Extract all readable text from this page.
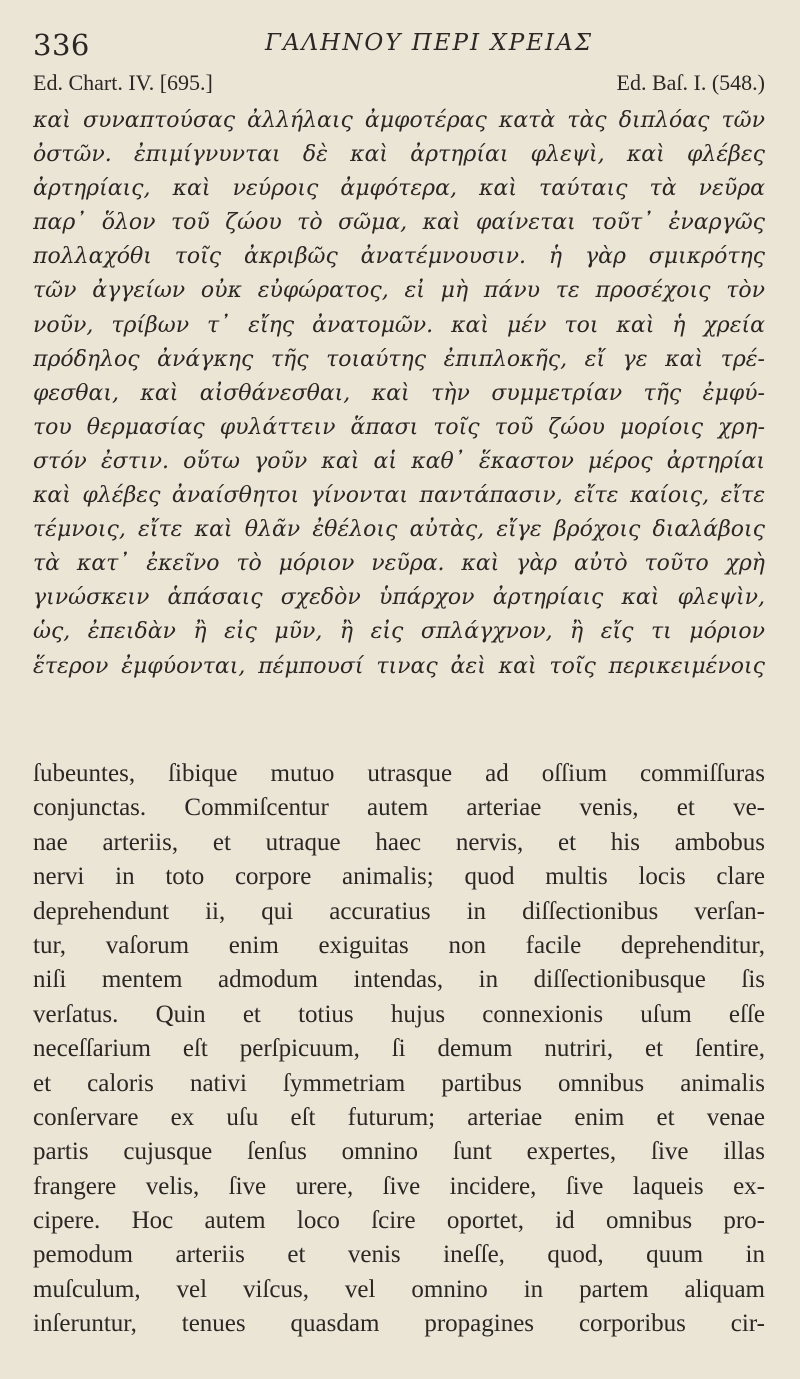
336	ΓΑΛΗΝΟΥ ΠΕΡΙ ΧΡΕΙΑΣ
Ed. Chart. IV. [695.]	Ed. Baſ. I. (548.)
καὶ συναπτούσας ἀλλήλαις ἀμφοτέρας κατὰ τὰς διπλόας τῶν
ὀστῶν. ἐπιμίγνυνται δὲ καὶ ἀρτηρίαι φλεψὶ, καὶ φλέβες
ἀρτηρίαις, καὶ νεύροις ἀμφότερα, καὶ ταύταις τὰ νεῦρα
παρ᾽ ὅλον τοῦ ζώου τὸ σῶμα, καὶ φαίνεται τοῦτ᾽ ἐναργῶς
πολλαχόθι τοῖς ἀκριβῶς ἀνατέμνουσιν. ἡ γὰρ σμικρότης
τῶν ἀγγείων οὐκ εὐφώρατος, εἰ μὴ πάνυ τε προσέχοις τὸν
νοῦν, τρίβων τ᾽ εἴης ἀνατομῶν. καὶ μέν τοι καὶ ἡ χρεία
πρόδηλος ἀνάγκης τῆς τοιαύτης ἐπιπλοκῆς, εἴ γε καὶ τρέ-
φεσθαι, καὶ αἰσθάνεσθαι, καὶ τὴν συμμετρίαν τῆς ἐμφύ-
του θερμασίας φυλάττειν ἅπασι τοῖς τοῦ ζώου μορίοις χρη-
στόν ἐστιν. οὕτω γοῦν καὶ αἱ καθ᾽ ἕκαστον μέρος ἀρτηρίαι
καὶ φλέβες ἀναίσθητοι γίνονται παντάπασιν, εἴτε καίοις, εἴτε
τέμνοις, εἴτε καὶ θλᾶν ἐθέλοις αὐτὰς, εἴγε βρόχοις διαλάβοις
τὰ κατ᾽ ἐκεῖνο τὸ μόριον νεῦρα. καὶ γὰρ αὐτὸ τοῦτο χρὴ
γινώσκειν ἁπάσαις σχεδὸν ὑπάρχον ἀρτηρίαις καὶ φλεψὶν,
ὡς, ἐπειδὰν ἢ εἰς μῦν, ἢ εἰς σπλάγχνον, ἢ εἴς τι μόριον
ἕτερον ἐμφύονται, πέμπουσί τινας ἀεὶ καὶ τοῖς περικειμένοις
ſubeuntes, ſibique mutuo utrasque ad oſſium commiſſuras
conjunctas. Commiſcentur autem arteriae venis, et ve-
nae arteriis, et utraque haec nervis, et his ambobus
nervi in toto corpore animalis; quod multis locis clare
deprehendunt ii, qui accuratius in diſſectionibus verſan-
tur, vaſorum enim exiguitas non facile deprehenditur,
niſi mentem admodum intendas, in diſſectionibusque ſis
verſatus. Quin et totius hujus connexionis uſum eſſe
neceſſarium eſt perſpicuum, ſi demum nutriri, et ſentire,
et caloris nativi ſymmetriam partibus omnibus animalis
conſervare ex uſu eſt futurum; arteriae enim et venae
partis cujusque ſenſus omnino ſunt expertes, ſive illas
frangere velis, ſive urere, ſive incidere, ſive laqueis ex-
cipere. Hoc autem loco ſcire oportet, id omnibus pro-
pemodum arteriis et venis ineſſe, quod, quum in
muſculum, vel viſcus, vel omnino in partem aliquam
inſeruntur, tenues quasdam propagines corporibus cir-
